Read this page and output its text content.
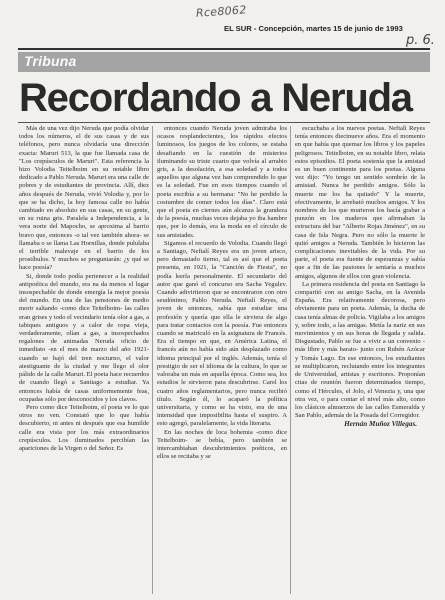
Rce8062
p. 6.
EL SUR - Concepción, martes 15 de junio de 1993
Tribuna
Recordando a Neruda

Más de una vez dijo Neruda que podía olvidar todos los números, el de sus casas y de sus teléfonos, pero nunca olvidaría una dirección exacta: Maruri 513, la que fue llamada casa de "Los crepúsculos de Maruri". Esta referencia la hizo Volodia Teitelboim en su notable libro dedicado a Pablo Neruda. Maruri era una calle de pobres y de estudiantes de provincia. Allí, diez años después de Neruda, vivió Volodia y, por lo que se ha dicho, la hoy famosa calle no había cambiado en absoluto en sus casas, en su gente, en su ruina gris. Paralela a Independencia, a la vera norte del Mapocho, se aproxima al barrio bravo que, entonces -o tal vez también ahora- se llamaba o se llama Las Hornillas, donde pululaba el terrible malevaje en el barrio de los prostíbulos. Y muchos se preguntarán: ¿y qué se hace poesía?

Si, donde todo podía pertenecer a la realidad antipoética del mundo, era na da menos el lugar insospechable de donde emergía la mejor poesía del mundo. En una de las pensiones de medio morir saltando -como dice Teitelboim- las calles eran grises y todo el vecindario tenía olor a gas, a tabiques antiguos y a calor de ropa vieja, verdaderamente, olían a gas, a insospechados regalones de animadas Neruda oficio de inmediato -en el mes de marzo del año 1921- cuando se bajó del tren nocturno, el valor atestiguante de la ciudad y me llego el olor pálido de la calle Maruri. El poeta hace recuerdos de cuando llegó a Santiago a estudiar. Ya entonces había de casas uniformemente feas, ocupadas sólo por desconocidos y los clavos.

Pero como dice Teitelboim, el poeta ve lo que otros no ven. Constató que lo que había descubierto, ni antes ni después que esa humilde calle era vista por los más extraordinarios crepúsculos. Los iluminados percibían las apariciones de la Virgen o del Señor. Es

entonces cuando Neruda joven admiraba los ocasos resplandecientes, los rápidos efectos luminosos, los juegos de los colores, se estaba desafiando en la cuestión de misterios iluminando su triste cuarto que volvía al arrabio gris, a la desolación, a esa soledad y a todos aquellos que alguna vez han comprendido lo que es la soledad. Fue en esos tiempos cuando el poeta escribía a su hermana: "No he perdido la costumbre de comer todos los días". Claro está que el poeta en ciernes aún alcanza la grandeza de la poesía, muchas veces dejaba yo iba hambre que, por lo demás, era la moda en el círculo de sus amistades.

Sigamos el recuerdo de Volodia. Cuando llegó a Santiago, Neftalí Reyes era un joven arisco, pero demasiado tierno, tal es así que el poeta presenta, en 1921, la "Canción de Fiesta", no podía leerla personalmente. El secundario del autor que ganó el concurso era Sacha Yegulev. Cuando adivirtieron que se encontraron con otro seudónimo, Pablo Neruda. Neftalí Reyes, el joven de entonces, sabía que estudiar una profesión y quería que ella le sirviera de algo para tratar contactos con la poesía. Fue entonces cuando se matriculó en la asignatura de Francés. Era el tiempo en que, en América Latina, el francés aún no había sido aún desplazado como idioma principal por el inglés. Además, tenía el prestigio de ser el idioma de la cultura, lo que se valoraba un más en aquella época. Como sea, los estudios le sirvieron para descubrirse. Carel los cuatro años reglamentarios, pero nunca recibió título. Según él, lo acaparó la política universitaria, y como se ha visto, era de una intensidad que imposibilita hasta el suspiro. A esto agregó, paralelamente, la vida literaria.

En las noches de loca bohemia -como dice Teitelboim- se bebía, pero también se intercambiaban descubrimientos poéticos, en ellos se recitaba y se

escuchaba a los nuevos poetas. Neftalí Reyes tenía entonces diecinueve años. Era el momento en que había que quemar los libros y los papeles peligrosos. Teitelboim, en su notable libro, relata estos episodios. El poeta sostenía que la amistad es un buen continente para los poetas. Alguna vez dijo: "Yo tengo un sentido sombrío de la amistad. Nunca he perdido amigos. Sólo la muerte me los ha quitado" Y la muerte, efectivamente, le arrebató muchos amigos. Y los nombres de los que murieron los hacía grabar a punzón en los maderos que afirmaban la estructura del bar "Alberto Rojas Jiménez", en su casa de Isla Negra. Pero no sólo la muerte le quitó amigos a Neruda. También lo hicieron las complicaciones inevitables de la vida. Por su parte, el poeta era fuente de esperanzas y sabía que a fin de las pasiones le sentaría a muchos amigos, algunos de ellos con gran violencia.

La primera residencia del poeta en Santiago la compartió con su amigo Sacha, en la Avenida España. Era relativamente decorosa, pero obviamente para un poeta. Además, la ducha de casa tenía almas de policía. Vigilaba a los amigos y, sobre todo, a las amigas. Metía la nariz en sus movimientos y en sus horas de llegada y salida. Disgustado, Pablo se fue a vivir a un convento -más libre y más barato- junto con Rubén Azócar y Tomás Lago. En ese entonces, los estudiantes se multiplicaron, reclutando entre los integrantes de Universidad, artistas y escritores. Proponían citas de reunión fueron determinados tiempo, como el Hércules, el Jolo, el Venezia y, una que otra vez, o para contar el nivel más alto, como los clásicos almuerzos de las calles Esmeralda y San Pablo, además de la Posada del Corregidor.

Hernán Muñoz Villegas.
